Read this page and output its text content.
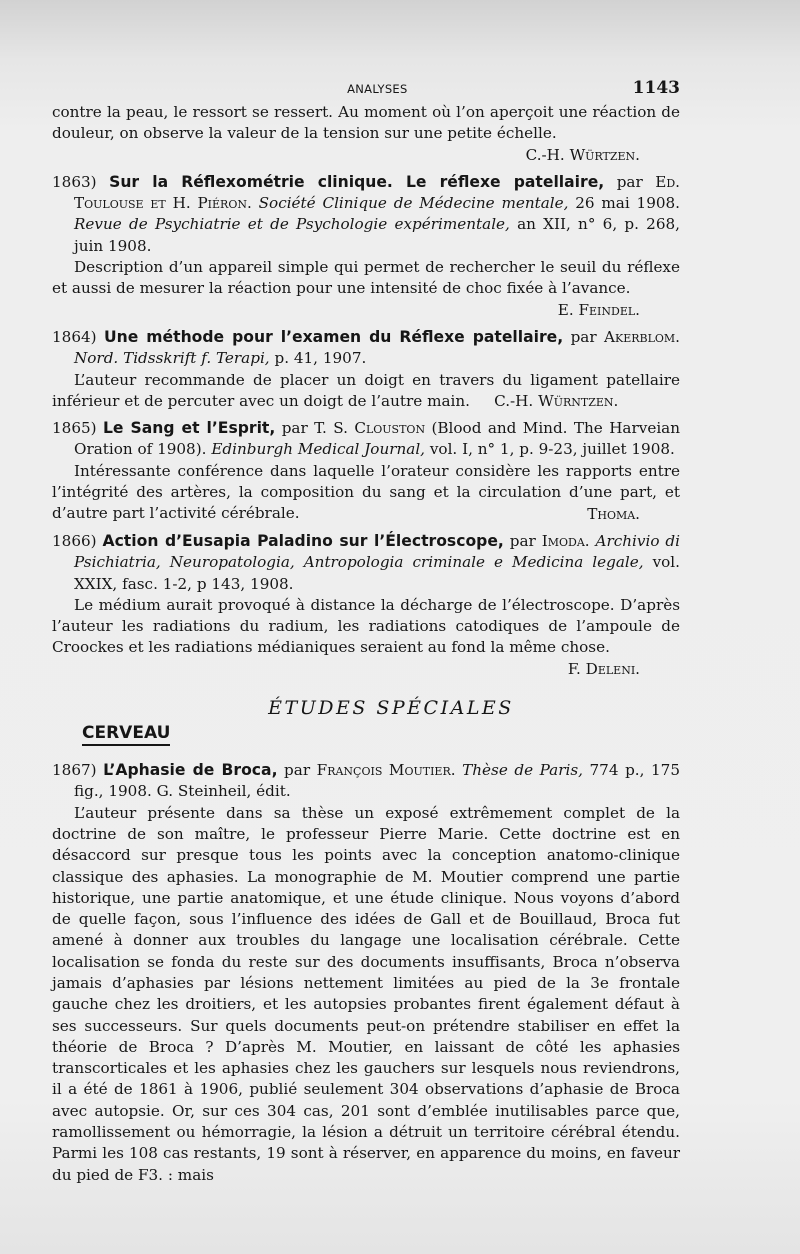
ANALYSES	1143

contre la peau, le ressort se ressert. Au moment où l’on aperçoit une réaction de douleur, on observe la valeur de la tension sur une petite échelle.

C.-H. Würtzen.

1863) Sur la Réflexométrie clinique. Le réflexe patellaire, par Ed. Toulouse et H. Piéron. Société Clinique de Médecine mentale, 26 mai 1908. Revue de Psychiatrie et de Psychologie expérimentale, an XII, n° 6, p. 268, juin 1908.

Description d’un appareil simple qui permet de rechercher le seuil du réflexe et aussi de mesurer la réaction pour une intensité de choc fixée à l’avance.

E. Feindel.

1864) Une méthode pour l’examen du Réflexe patellaire, par Akerblom. Nord. Tidsskrift f. Terapi, p. 41, 1907.

L’auteur recommande de placer un doigt en travers du ligament patellaire inférieur et de percuter avec un doigt de l’autre main. C.-H. Würntzen.

1865) Le Sang et l’Esprit, par T. S. Clouston (Blood and Mind. The Harveian Oration of 1908). Edinburgh Medical Journal, vol. I, n° 1, p. 9-23, juillet 1908.

Intéressante conférence dans laquelle l’orateur considère les rapports entre l’intégrité des artères, la composition du sang et la circulation d’une part, et d’autre part l’activité cérébrale.	Thoma.

1866) Action d’Eusapia Paladino sur l’Électroscope, par Imoda. Archivio di Psichiatria, Neuropatologia, Antropologia criminale e Medicina legale, vol. XXIX, fasc. 1-2, p 143, 1908.

Le médium aurait provoqué à distance la décharge de l’électroscope. D’après l’auteur les radiations du radium, les radiations catodiques de l’ampoule de Croockes et les radiations médianiques seraient au fond la même chose.

F. Deleni.

ÉTUDES SPÉCIALES
CERVEAU

1867) L’Aphasie de Broca, par François Moutier. Thèse de Paris, 774 p., 175 fig., 1908. G. Steinheil, édit.

L’auteur présente dans sa thèse un exposé extrêmement complet de la doctrine de son maître, le professeur Pierre Marie. Cette doctrine est en désaccord sur presque tous les points avec la conception anatomo-clinique classique des aphasies. La monographie de M. Moutier comprend une partie historique, une partie anatomique, et une étude clinique. Nous voyons d’abord de quelle façon, sous l’influence des idées de Gall et de Bouillaud, Broca fut amené à donner aux troubles du langage une localisation cérébrale. Cette localisation se fonda du reste sur des documents insuffisants, Broca n’observa jamais d’aphasies par lésions nettement limitées au pied de la 3e frontale gauche chez les droitiers, et les autopsies probantes firent également défaut à ses successeurs. Sur quels documents peut-on prétendre stabiliser en effet la théorie de Broca ? D’après M. Moutier, en laissant de côté les aphasies transcorticales et les aphasies chez les gauchers sur lesquels nous reviendrons, il a été de 1861 à 1906, publié seulement 304 observations d’aphasie de Broca avec autopsie. Or, sur ces 304 cas, 201 sont d’emblée inutilisables parce que, ramollissement ou hémorragie, la lésion a détruit un territoire cérébral étendu. Parmi les 108 cas restants, 19 sont à réserver, en apparence du moins, en faveur du pied de F3. : mais
